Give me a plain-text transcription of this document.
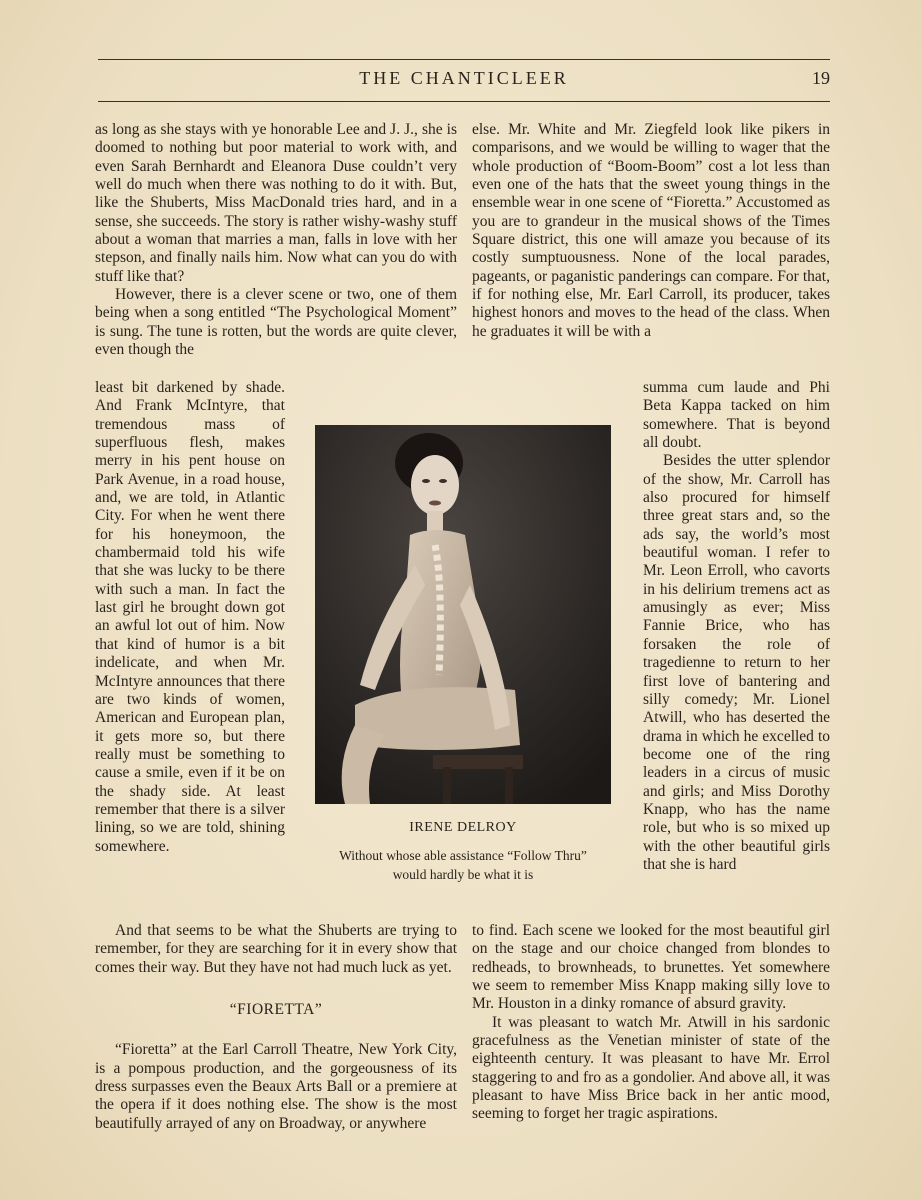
THE CHANTICLEER	19

as long as she stays with ye honorable Lee and J. J., she is doomed to nothing but poor material to work with, and even Sarah Bernhardt and Eleanora Duse couldn’t very well do much when there was nothing to do it with. But, like the Shuberts, Miss MacDonald tries hard, and in a sense, she succeeds. The story is rather wishy-washy stuff about a woman that marries a man, falls in love with her stepson, and finally nails him. Now what can you do with stuff like that?

However, there is a clever scene or two, one of them being when a song entitled “The Psychological Moment” is sung. The tune is rotten, but the words are quite clever, even though the

least bit darkened by shade. And Frank McIntyre, that tremendous mass of superfluous flesh, makes merry in his pent house on Park Avenue, in a road house, and, we are told, in Atlantic City. For when he went there for his honeymoon, the chambermaid told his wife that she was lucky to be there with such a man. In fact the last girl he brought down got an awful lot out of him. Now that kind of humor is a bit indelicate, and when Mr. McIntyre announces that there are two kinds of women, American and European plan, it gets more so, but there really must be something to cause a smile, even if it be on the shady side. At least remember that there is a silver lining, so we are told, shining somewhere.

And that seems to be what the Shuberts are trying to remember, for they are searching for it in every show that comes their way. But they have not had much luck as yet.

“FIORETTA”

“Fioretta” at the Earl Carroll Theatre, New York City, is a pompous production, and the gorgeousness of its dress surpasses even the Beaux Arts Ball or a premiere at the opera if it does nothing else. The show is the most beautifully arrayed of any on Broadway, or anywhere

else. Mr. White and Mr. Ziegfeld look like pikers in comparisons, and we would be willing to wager that the whole production of “Boom-Boom” cost a lot less than even one of the hats that the sweet young things in the ensemble wear in one scene of “Fioretta.” Accustomed as you are to grandeur in the musical shows of the Times Square district, this one will amaze you because of its costly sumptuousness. None of the local parades, pageants, or paganistic panderings can compare. For that, if for nothing else, Mr. Earl Carroll, its producer, takes highest honors and moves to the head of the class. When he graduates it will be with a

summa cum laude and Phi Beta Kappa tacked on him somewhere. That is beyond all doubt.

Besides the utter splendor of the show, Mr. Carroll has also procured for himself three great stars and, so the ads say, the world’s most beautiful woman. I refer to Mr. Leon Erroll, who cavorts in his delirium tremens act as amusingly as ever; Miss Fannie Brice, who has forsaken the role of tragedienne to return to her first love of bantering and silly comedy; Mr. Lionel Atwill, who has deserted the drama in which he excelled to become one of the ring leaders in a circus of music and girls; and Miss Dorothy Knapp, who has the name role, but who is so mixed up with the other beautiful girls that she is hard

to find. Each scene we looked for the most beautiful girl on the stage and our choice changed from blondes to redheads, to brownheads, to brunettes. Yet somewhere we seem to remember Miss Knapp making silly love to Mr. Houston in a dinky romance of absurd gravity.

It was pleasant to watch Mr. Atwill in his sardonic gracefulness as the Venetian minister of state of the eighteenth century. It was pleasant to have Mr. Errol staggering to and fro as a gondolier. And above all, it was pleasant to have Miss Brice back in her antic mood, seeming to forget her tragic aspirations.

IRENE DELROY
Without whose able assistance “Follow Thru”
would hardly be what it is
